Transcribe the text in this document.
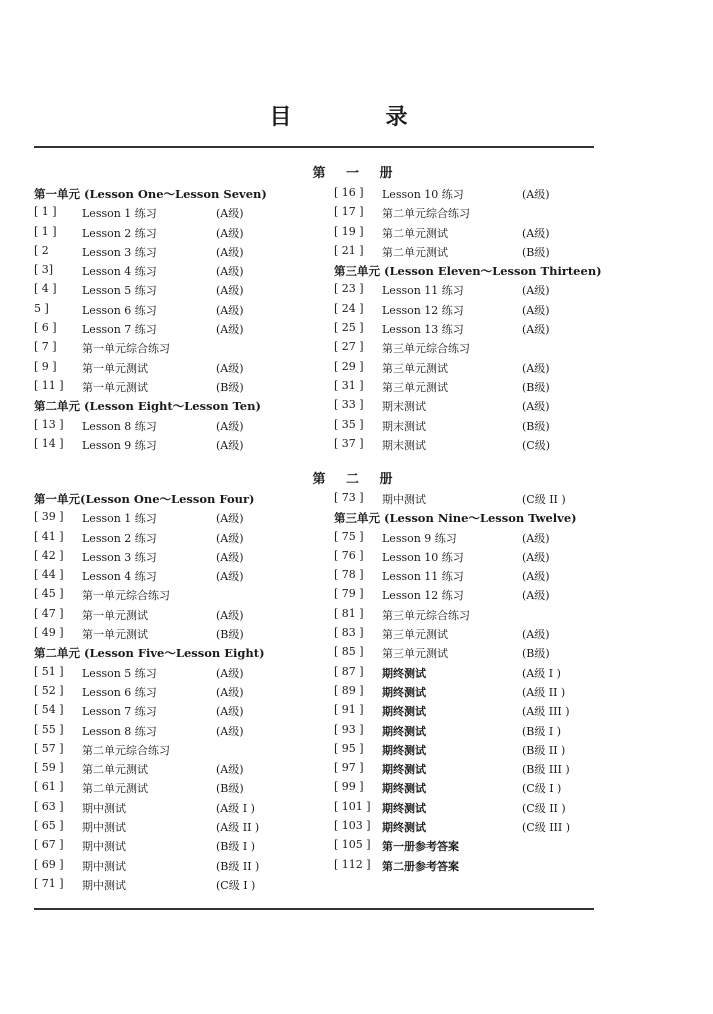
目　录
第 一 册
第一单元 (Lesson One～Lesson Seven)
[ 1 ]	Lesson 1 练习	(A级)
[ 1 ]	Lesson 2 练习	(A级)
[ 2	Lesson 3 练习	(A级)
[ 3]	Lesson 4 练习	(A级)
[ 4 ]	Lesson 5 练习	(A级)
5 ]	Lesson 6 练习	(A级)
[ 6 ]	Lesson 7 练习	(A级)
[ 7 ]	第一单元综合练习
[ 9 ]	第一单元测试	(A级)
[ 11 ]	第一单元测试	(B级)
第二单元 (Lesson Eight～Lesson Ten)
[ 13 ]	Lesson 8 练习	(A级)
[ 14 ]	Lesson 9 练习	(A级)
[ 16 ]	Lesson 10 练习	(A级)
[ 17 ]	第二单元综合练习
[ 19 ]	第二单元测试	(A级)
[ 21 ]	第二单元测试	(B级)
第三单元 (Lesson Eleven～Lesson Thirteen)
[ 23 ]	Lesson 11 练习	(A级)
[ 24 ]	Lesson 12 练习	(A级)
[ 25 ]	Lesson 13 练习	(A级)
[ 27 ]	第三单元综合练习
[ 29 ]	第三单元测试	(A级)
[ 31 ]	第三单元测试	(B级)
[ 33 ]	期末测试	(A级)
[ 35 ]	期末测试	(B级)
[ 37 ]	期末测试	(C级)
第 二 册
第一单元(Lesson One～Lesson Four)
[ 39 ]	Lesson 1 练习	(A级)
[ 41 ]	Lesson 2 练习	(A级)
[ 42 ]	Lesson 3 练习	(A级)
[ 44 ]	Lesson 4 练习	(A级)
[ 45 ]	第一单元综合练习
[ 47 ]	第一单元测试	(A级)
[ 49 ]	第一单元测试	(B级)
第二单元 (Lesson Five～Lesson Eight)
[ 51 ]	Lesson 5 练习	(A级)
[ 52 ]	Lesson 6 练习	(A级)
[ 54 ]	Lesson 7 练习	(A级)
[ 55 ]	Lesson 8 练习	(A级)
[ 57 ]	第二单元综合练习
[ 59 ]	第二单元测试	(A级)
[ 61 ]	第二单元测试	(B级)
[ 63 ]	期中测试	(A级 I )
[ 65 ]	期中测试	(A级 II )
[ 67 ]	期中测试	(B级 I )
[ 69 ]	期中测试	(B级 II )
[ 71 ]	期中测试	(C级 I )
[ 73 ]	期中测试	(C级 II )
第三单元 (Lesson Nine～Lesson Twelve)
[ 75 ]	Lesson 9 练习	(A级)
[ 76 ]	Lesson 10 练习	(A级)
[ 78 ]	Lesson 11 练习	(A级)
[ 79 ]	Lesson 12 练习	(A级)
[ 81 ]	第三单元综合练习
[ 83 ]	第三单元测试	(A级)
[ 85 ]	第三单元测试	(B级)
[ 87 ]	期终测试	(A级 I )
[ 89 ]	期终测试	(A级 II )
[ 91 ]	期终测试	(A级 III )
[ 93 ]	期终测试	(B级 I )
[ 95 ]	期终测试	(B级 II )
[ 97 ]	期终测试	(B级 III )
[ 99 ]	期终测试	(C级 I )
[ 101 ]	期终测试	(C级 II )
[ 103 ]	期终测试	(C级 III )
[ 105 ]	第一册参考答案
[ 112 ]	第二册参考答案
